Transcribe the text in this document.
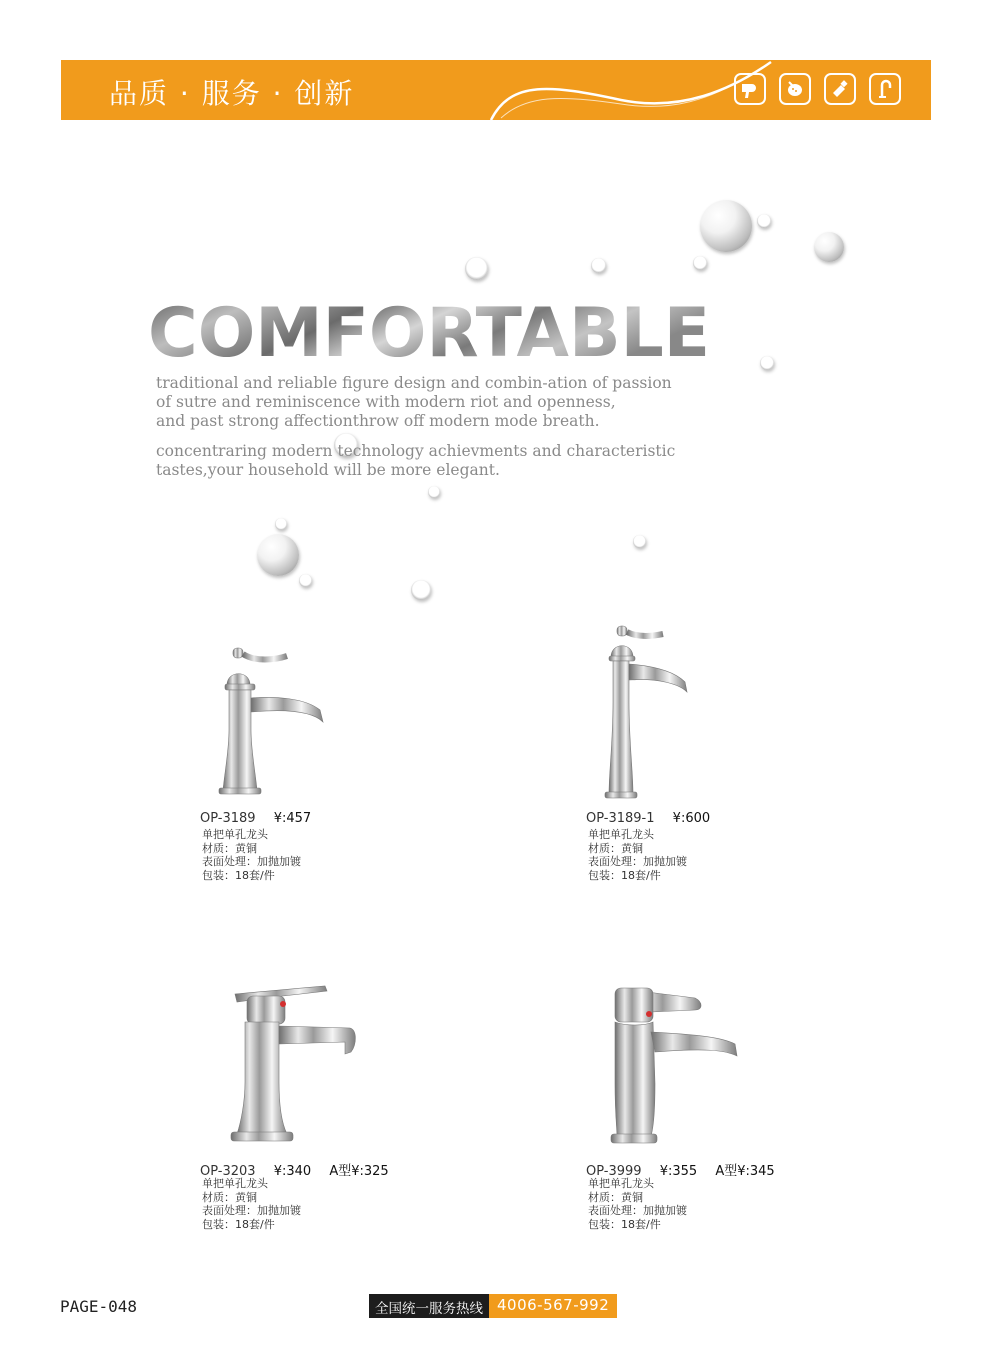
品质 · 服务 · 创新
COMFORTABLE

traditional and reliable figure design and combin-ation of passion

of sutre and reminiscence with modern riot and openness,

and past strong affectionthrow off modern mode breath.

concentraring modern technology achievments and characteristic

tastes,your household will be more elegant.

OP-3189 ¥:457
单把单孔龙头
材质：黄铜
表面处理：加抛加镀
包装：18套/件
OP-3189-1 ¥:600
单把单孔龙头
材质：黄铜
表面处理：加抛加镀
包装：18套/件
OP-3203 ¥:340 A型¥:325
单把单孔龙头
材质：黄铜
表面处理：加抛加镀
包装：18套/件
OP-3999 ¥:355 A型¥:345
单把单孔龙头
材质：黄铜
表面处理：加抛加镀
包装：18套/件
PAGE-048	全国统一服务热线 4006-567-992
